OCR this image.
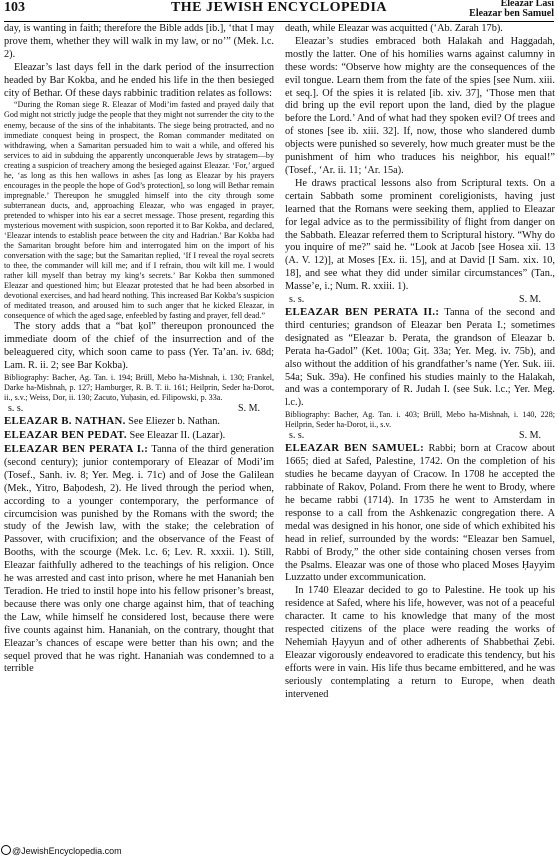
103	THE JEWISH ENCYCLOPEDIA	Eleazar Lasi
Eleazar ben Samuel

day, is wanting in faith; therefore the Bible adds [ib.], ‘that I may prove them, whether they will walk in my law, or no’” (Mek. l.c. 2).

Eleazar’s last days fell in the dark period of the insurrection headed by Bar Kokba, and he ended his life in the then besieged city of Bethar. Of these days rabbinic tradition relates as follows:

“During the Roman siege R. Eleazar of Modi’im fasted and prayed daily that God might not strictly judge the people that they might not surrender the city to the enemy, because of the sins of the inhabitants. The siege being protracted, and no immediate conquest being in prospect, the Roman commander meditated on withdrawing, when a Samaritan persuaded him to wait a while, and offered his services to aid in subduing the apparently unconquerable Jews by stratagem—by creating a suspicion of treachery among the besieged against Eleazar. ‘For,’ argued he, ‘as long as this hen wallows in ashes [as long as Eleazar by his prayers encourages in the people the hope of God’s protection], so long will Bethar remain impregnable.’ Thereupon he smuggled himself into the city through some subterranean ducts, and, approaching Eleazar, who was engaged in prayer, pretended to whisper into his ear a secret message. Those present, regarding this mysterious movement with suspicion, soon reported it to Bar Kokba, and declared, ‘Eleazar intends to establish peace between the city and Hadrian.’ Bar Kokba had the Samaritan brought before him and interrogated him on the import of his conversation with the sage; but the Samaritan replied, ‘If I reveal the royal secrets to thee, the commander will kill me; and if I refrain, thou wilt kill me. I would rather kill myself than betray my king’s secrets.’ Bar Kokba then summoned Eleazar and questioned him; but Eleazar protested that he had been absorbed in devotional exercises, and had heard nothing. This increased Bar Kokba’s suspicion of meditated treason, and aroused him to such anger that he kicked Eleazar, in consequence of which the aged sage, enfeebled by fasting and prayer, fell dead.”

The story adds that a “bat ḳol” thereupon pronounced the immediate doom of the chief of the insurrection and of the beleaguered city, which soon came to pass (Yer. Ta’an. iv. 68d; Lam. R. ii. 2; see Bar Kokba).

Bibliography: Bacher, Ag. Tan. i. 194; Brüll, Mebo ha-Mishnah, i. 130; Frankel, Darke ha-Mishnah, p. 127; Hamburger, R. B. T. ii. 161; Heilprin, Seder ha-Dorot, ii., s.v.; Weiss, Dor, ii. 130; Zacuto, Yuḥasin, ed. Filipowski, p. 33a.

s. s.	S. M.

ELEAZAR B. NATHAN. See Eliezer b. Nathan.

ELEAZAR BEN PEDAT. See Eleazar II. (Lazar).

ELEAZAR BEN PERATA I.: Tanna of the third generation (second century); junior contemporary of Eleazar of Modi’im (Tosef., Sanh. iv. 8; Yer. Meg. i. 71c) and of Jose the Galilean (Mek., Yitro, Baḥodesh, 2). He lived through the period when, according to a younger contemporary, the performance of circumcision was punished by the Romans with the sword; the study of the Jewish law, with the stake; the celebration of Passover, with crucifixion; and the observance of the Feast of Booths, with the scourge (Mek. l.c. 6; Lev. R. xxxii. 1). Still, Eleazar faithfully adhered to the teachings of his religion. Once he was arrested and cast into prison, where he met Hananiah ben Teradion. He tried to instil hope into his fellow prisoner’s breast, because there was only one charge against him, that of teaching the Law, while himself he considered lost, because there were five counts against him. Hananiah, on the contrary, thought that Eleazar’s chances of escape were better than his own; and the sequel proved that he was right. Hananiah was condemned to a terrible

death, while Eleazar was acquitted (‘Ab. Zarah 17b).

Eleazar’s studies embraced both Halakah and Haggadah, mostly the latter. One of his homilies warns against calumny in these words: “Observe how mighty are the consequences of the evil tongue. Learn them from the fate of the spies [see Num. xiii. et seq.]. Of the spies it is related [ib. xiv. 37], ‘Those men that did bring up the evil report upon the land, died by the plague before the Lord.’ And of what had they spoken evil? Of trees and of stones [see ib. xiii. 32]. If, now, those who slandered dumb objects were punished so severely, how much greater must be the punishment of him who traduces his neighbor, his equal!” (Tosef., ‘Ar. ii. 11; ‘Ar. 15a).

He draws practical lessons also from Scriptural texts. On a certain Sabbath some prominent coreligionists, having just learned that the Romans were seeking them, applied to Eleazar for legal advice as to the permissibility of flight from danger on the Sabbath. Eleazar referred them to Scriptural history. “Why do you inquire of me?” said he. “Look at Jacob [see Hosea xii. 13 (A. V. 12)], at Moses [Ex. ii. 15], and at David [I Sam. xix. 10, 18], and see what they did under similar circumstances” (Tan., Masse’e, i.; Num. R. xxiii. 1).

s. s.	S. M.

ELEAZAR BEN PERATA II.: Tanna of the second and third centuries; grandson of Eleazar ben Perata I.; sometimes designated as “Eleazar b. Perata, the grandson of Eleazar b. Perata ha-Gadol” (Ket. 100a; Giṭ. 33a; Yer. Meg. iv. 75b), and also without the addition of his grandfather’s name (Yer. Suk. iii. 54a; Suk. 39a). He confined his studies mainly to the Halakah, and was a contemporary of R. Judah I. (see Suk. l.c.; Yer. Meg. l.c.).

Bibliography: Bacher, Ag. Tan. i. 403; Brüll, Mebo ha-Mishnah, i. 140, 228; Heilprin, Seder ha-Dorot, ii., s.v.

s. s.	S. M.

ELEAZAR BEN SAMUEL: Rabbi; born at Cracow about 1665; died at Safed, Palestine, 1742. On the completion of his studies he became dayyan of Cracow. In 1708 he accepted the rabbinate of Rakov, Poland. From there he went to Brody, where he became rabbi (1714). In 1735 he went to Amsterdam in response to a call from the Ashkenazic congregation there. A medal was designed in his honor, one side of which exhibited his head in relief, surrounded by the words: “Eleazar ben Samuel, Rabbi of Brody,” the other side containing chosen verses from the Psalms. Eleazar was one of those who placed Moses Ḥayyim Luzzatto under excommunication.

In 1740 Eleazar decided to go to Palestine. He took up his residence at Safed, where his life, however, was not of a peaceful character. It came to his knowledge that many of the most respected citizens of the place were reading the works of Nehemiah Ḥayyun and of other adherents of Shabbethai Ẓebi. Eleazar vigorously endeavored to eradicate this tendency, but his efforts were in vain. His life thus became embittered, and he was seriously contemplating a return to Europe, when death intervened

@JewishEncyclopedia.com
